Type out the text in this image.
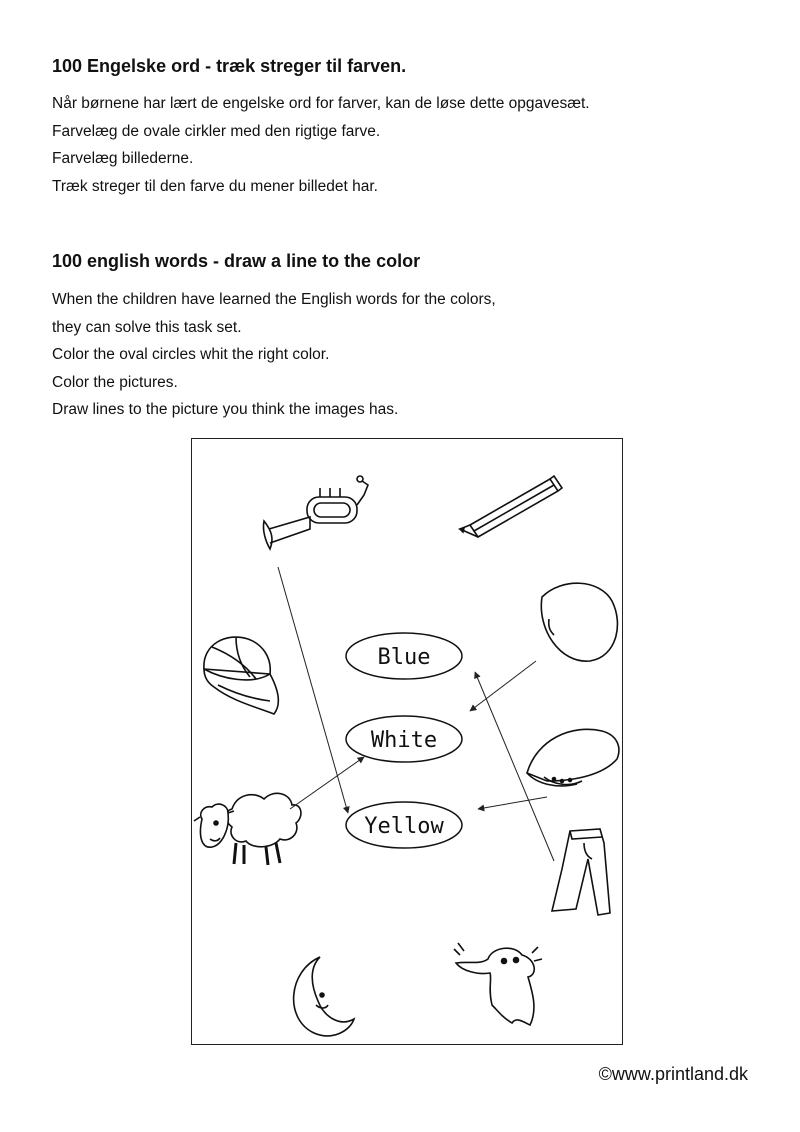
100 Engelske ord - træk streger til farven.
Når børnene har lært de engelske ord for farver, kan de løse dette opgavesæt.
Farvelæg de ovale cirkler med den rigtige farve.
Farvelæg billederne.
Træk streger til den farve du mener billedet har.
100 english words - draw a line to the color
When the children have learned the English words for the colors,
they can solve this task set.
Color the oval circles whit the right color.
Color the pictures.
Draw lines to the picture you think the images has.
Blue
White
Yellow
©www.printland.dk
